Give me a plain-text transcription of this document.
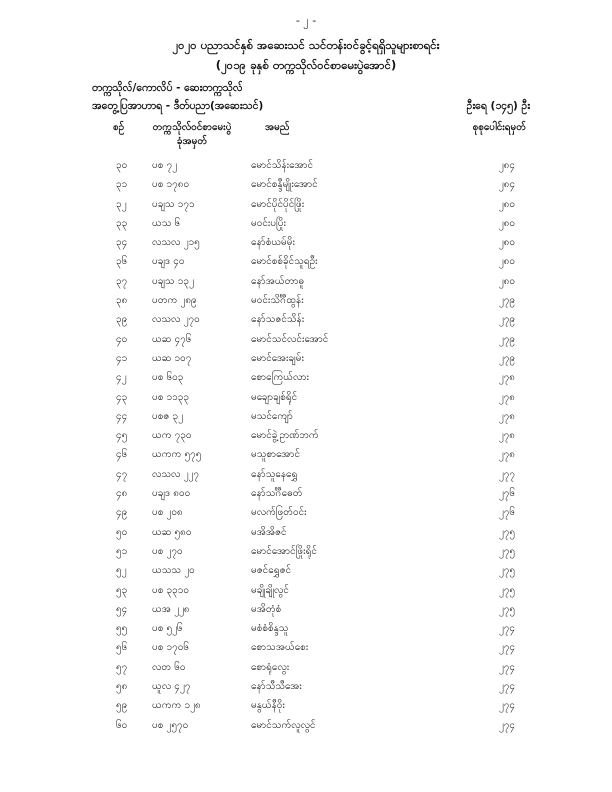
- ၂ -
၂၀၂၀ ပညာသင်နှစ် အဆေးသင် သင်တန်းဝင်ခွင့်ရရှိသူများစာရင်း
(၂၀၁၉ ခုနှစ် တက္ကသိုလ်ဝင်စာမေးပွဲအောင်)
တက္ကသိုလ်/ကောလိပ် - ဆေးတက္ကသိုလ်
အတွေ့ပြအာဟာရ - ဒီတ်ပညာ(အဆေးသင်)	ဦးရေ (၁၄၅) ဦး
စဉ်	တက္ကသိုလ်ဝင်စာမေးပွဲ
ခုံအမှတ်
အမည်	စုစုပေါင်းရမှတ်
၃၀ ပစ ၇၂	မောင်သိန်းအောင်	၂၈၄
၃၁ ပစ ၁၇၈၀	မောင်စန္ဒီမျိုးအောင်	၂၈၄
၃၂	ပချသ ၁၇၁	မောင်ပိုင်ပိုင်ဖြိုး	၂၈၀
၃၃ ယသ ၆	မဝင်းပပြိုး	၂၈၀
၃၄ လသလ ၂၁၅	နော်စံယမ်မိုး	၂၈၀
၃၆ ပချဒ ၄၀	မောင်စစ်ခိုင်သူရဦး	၂၈၀
၃၇ ပချသ ၁၃၂	နော်အယ်တာဓူ	၂၈၀
၃၈ ပတက ၂၈၉	မဝင်းသိင်္ဂီထွန်း	၂၇၉
၃၉ လသလ ၂၇၀	နော်သဇင်သိန်း	၂၇၉
၄၀ ယဆ ၄၇၆	မောင်သင်လင်းအောင်	၂၇၉
၄၁ ယဆ ၁၀၇	မောင်အေးချမ်း	၂၇၉
၄၂	ပစ ၆၀၃	စောကြေယ်လား	၂၇၈
၄၃ ပစ ၁၁၃၃	မချောချစ်ရိုင်	၂၇၈
၄၄ ပစဇ ၃၂	မသင်ကျော်	၂၇၈
၄၅ ယက ၇၃၀	မောင်ခွဲ့ဥာဏ်ဘက်	၂၇၈
၄၆ ယကက ၅၇၅	မသူစာအောင်	၂၇၈
၄၇ လသလ ၂၂၇	နော်သူနေရွှေ	၂၇၇
၄၈ ပချဒ ၈၀၀	နော်သင်္ဂီဓေတ်	၂၇၆
၄၉ ပစ ၂၀၈	မလက်ဖြတ်ဝင်း	၂၇၆
၅၀ ယဆ ၅၈၀	မအိအိဇင်	၂၇၅
၅၁ ပစ ၂၇၀	မောင်အောင်ဖြိုးရိုင်	၂၇၅
၅၂	ယသသ ၂၀	မဇင်ရွှေဇင်	၂၇၅
၅၃ ပစ ၃၃၁၀	မချိုချိုလွင်	၂၇၅
၅၄ ယအ ၂၂၈	မအိတုံစံ	၂၇၅
၅၅ ပစ ၅၂၆	မစံစံစိန္ဒသူ	၂၇၄
၅၆ ပစ ၁၇၀၆	စောသအယ်စေး	၂၇၄
၅၇ လတ ၆၀	စောရုံလွေး	၂၇၄
၅၈ ယူလ ၄၂၇	နော်သီသီအေး	၂၇၄
၅၉ ယကက ၁၂၈	မနွယ်နီဝိုး	၂၇၄
၆၀ ပစ ၂၅၇၀	မောင်သက်လူလွင်	၂၇၄
